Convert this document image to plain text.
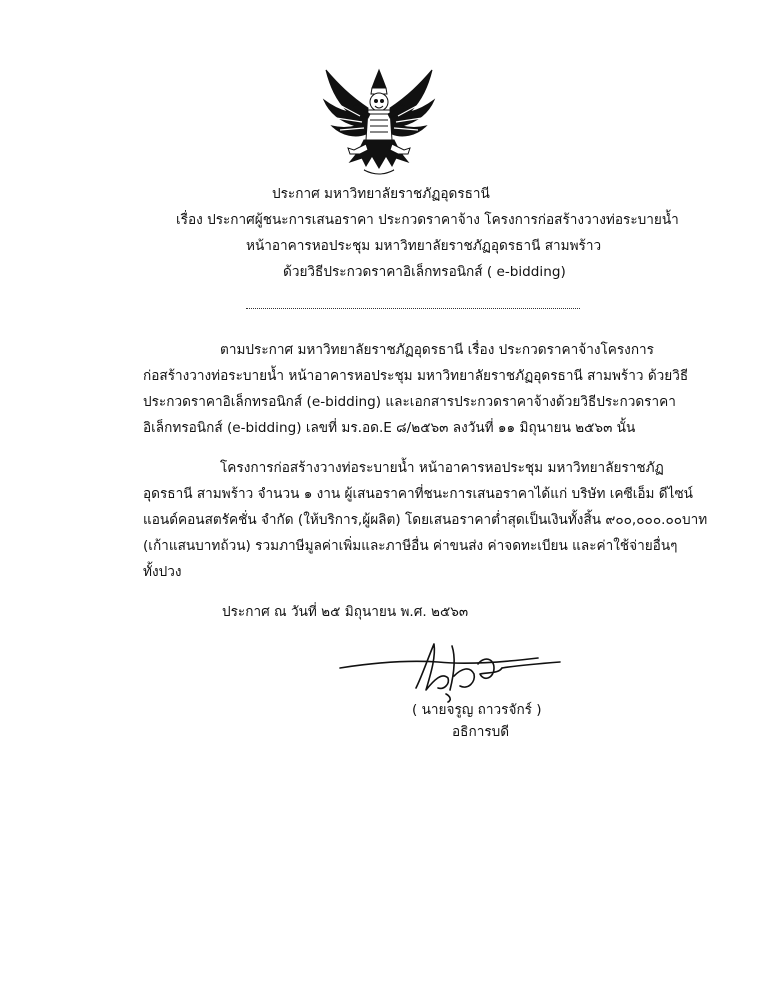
ประกาศ มหาวิทยาลัยราชภัฏอุดรธานี
เรื่อง ประกาศผู้ชนะการเสนอราคา ประกวดราคาจ้าง โครงการก่อสร้างวางท่อระบายน้ำ
หน้าอาคารหอประชุม มหาวิทยาลัยราชภัฏอุดรธานี สามพร้าว
ด้วยวิธีประกวดราคาอิเล็กทรอนิกส์ ( e-bidding)
ตามประกาศ มหาวิทยาลัยราชภัฏอุดรธานี เรื่อง ประกวดราคาจ้างโครงการ
ก่อสร้างวางท่อระบายน้ำ หน้าอาคารหอประชุม มหาวิทยาลัยราชภัฏอุดรธานี สามพร้าว ด้วยวิธี
ประกวดราคาอิเล็กทรอนิกส์ (e-bidding) และเอกสารประกวดราคาจ้างด้วยวิธีประกวดราคา
อิเล็กทรอนิกส์ (e-bidding) เลขที่ มร.อด.E ๘/๒๕๖๓ ลงวันที่ ๑๑ มิถุนายน ๒๕๖๓ นั้น
โครงการก่อสร้างวางท่อระบายน้ำ หน้าอาคารหอประชุม มหาวิทยาลัยราชภัฏ
อุดรธานี สามพร้าว จำนวน ๑ งาน ผู้เสนอราคาที่ชนะการเสนอราคาได้แก่ บริษัท เคซีเอ็ม ดีไซน์
แอนด์คอนสตรัคชั่น จำกัด (ให้บริการ,ผู้ผลิต) โดยเสนอราคาต่ำสุดเป็นเงินทั้งสิ้น ๙๐๐,๐๐๐.๐๐บาท
(เก้าแสนบาทถ้วน) รวมภาษีมูลค่าเพิ่มและภาษีอื่น ค่าขนส่ง ค่าจดทะเบียน และค่าใช้จ่ายอื่นๆ
ทั้งปวง
ประกาศ ณ วันที่ ๒๕ มิถุนายน พ.ศ. ๒๕๖๓
( นายจรูญ ถาวรจักร์ )
อธิการบดี
